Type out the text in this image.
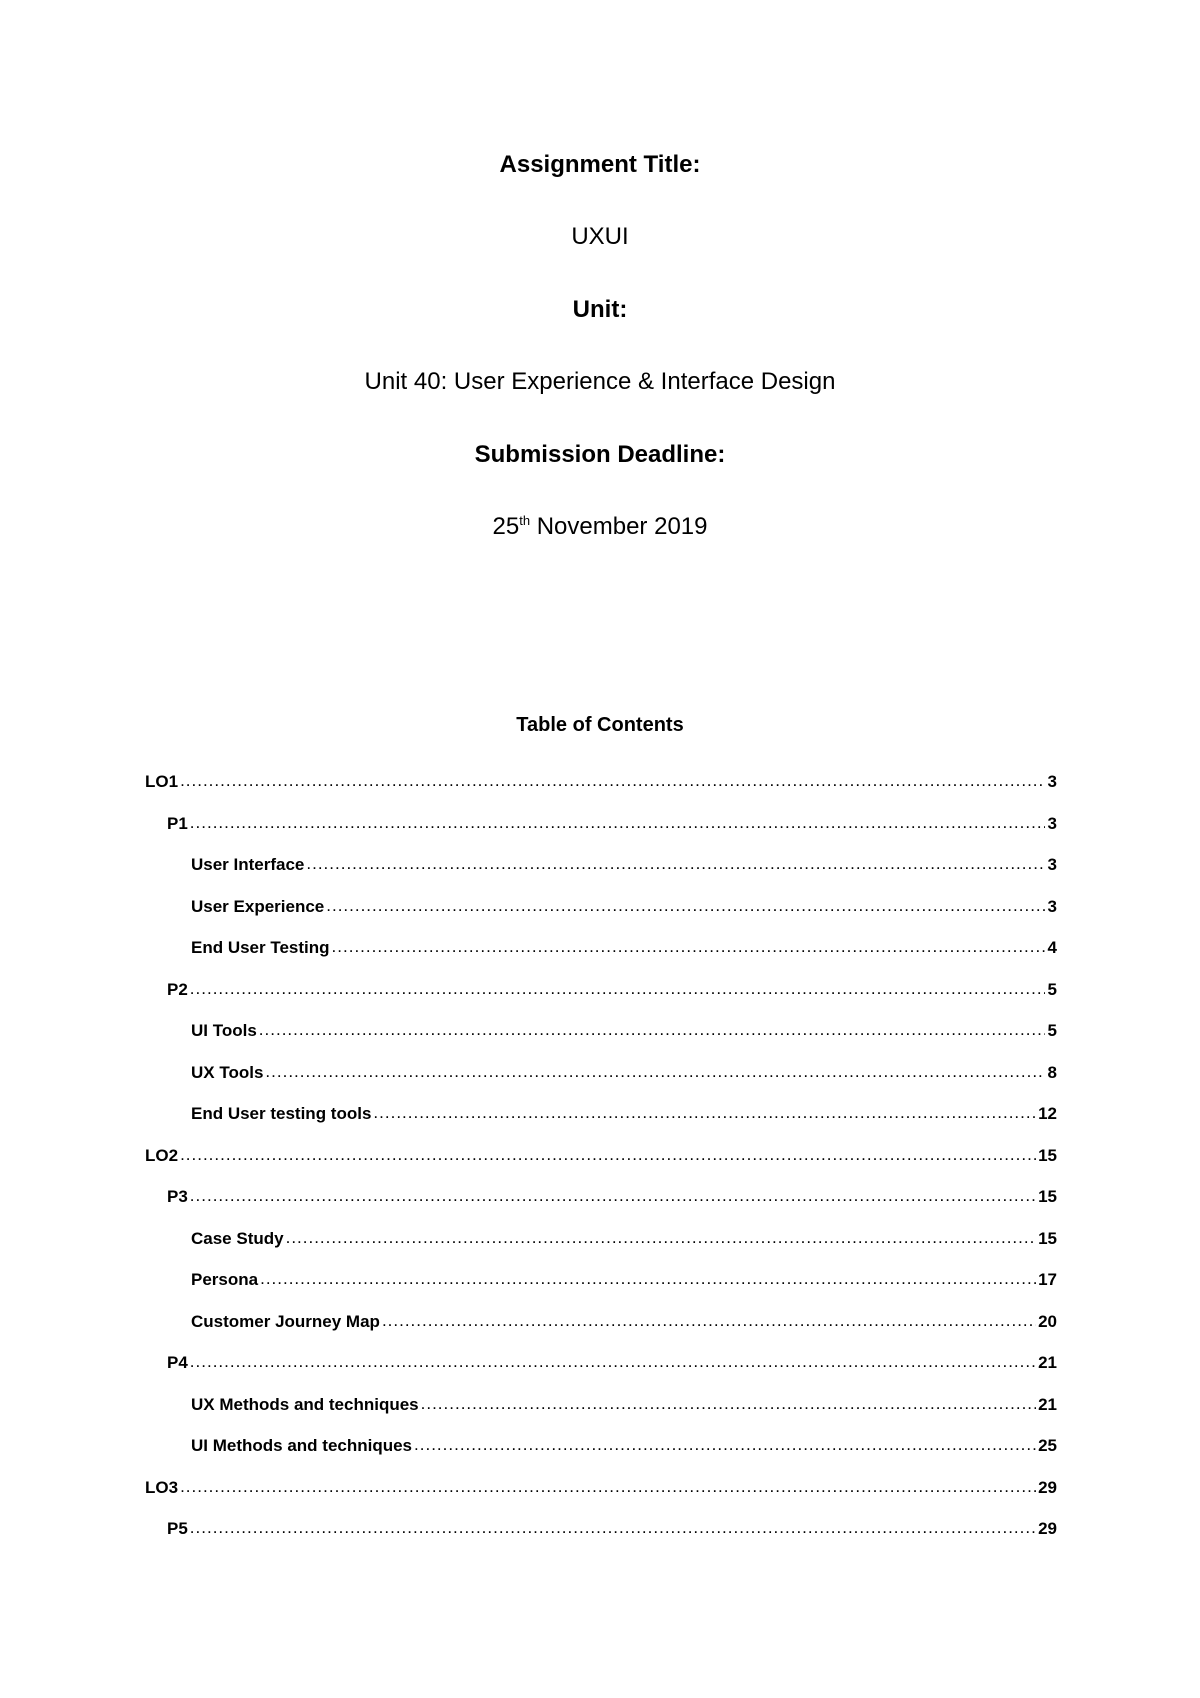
Assignment Title:
UXUI
Unit:
Unit 40: User Experience & Interface Design
Submission Deadline:
25th November 2019
Table of Contents
LO1 .....	3
P1 .....	3
User Interface .....	3
User Experience .....	3
End User Testing .....	4
P2 .....	5
UI Tools .....	5
UX Tools .....	8
End User testing tools .....	12
LO2 .....	15
P3 .....	15
Case Study .....	15
Persona .....	17
Customer Journey Map .....	20
P4 .....	21
UX Methods and techniques .....	21
UI Methods and techniques .....	25
LO3 .....	29
P5 .....	29
